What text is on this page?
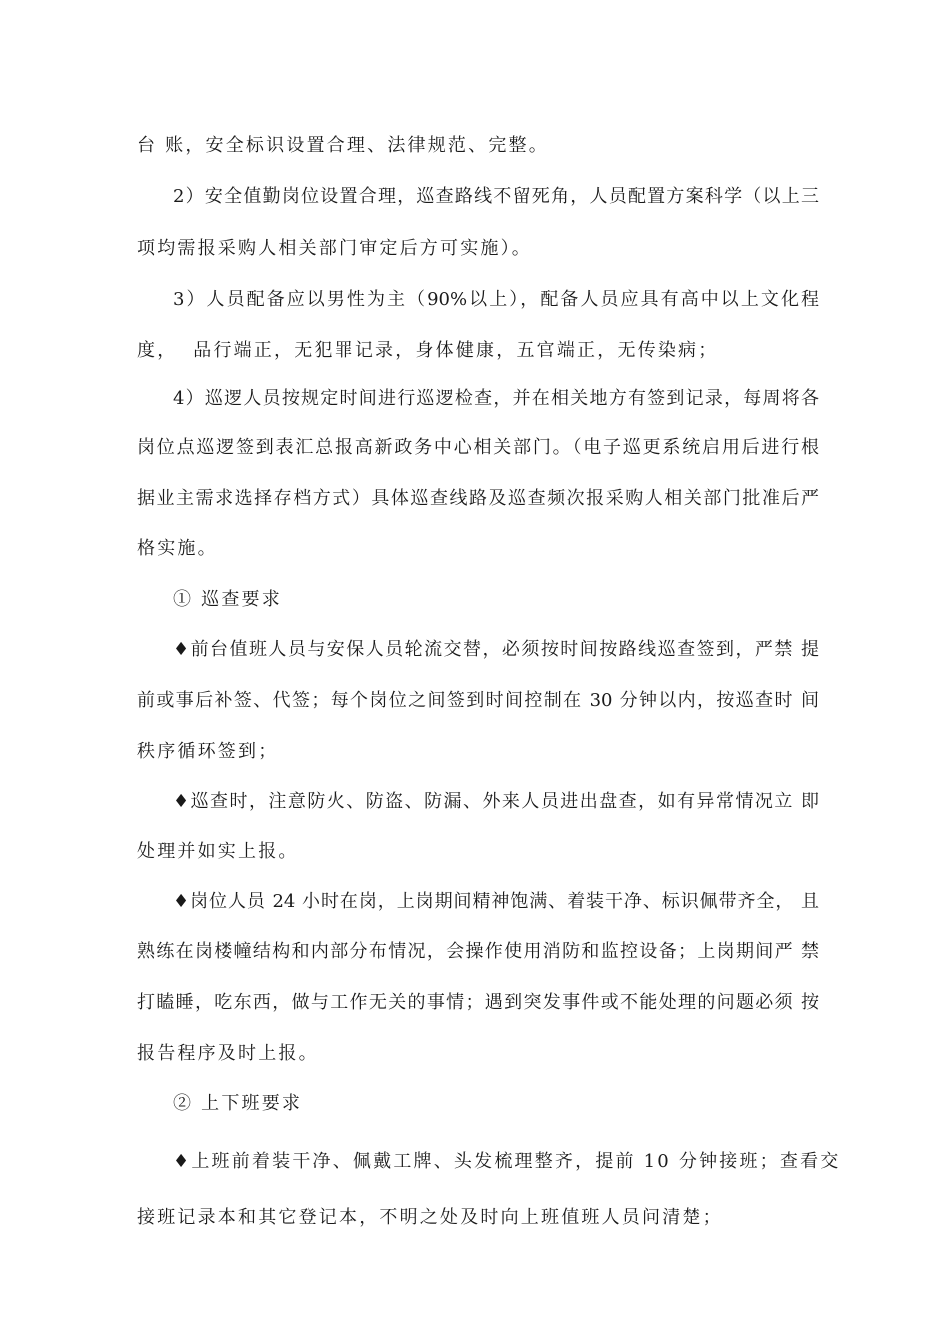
台 账，安全标识设置合理、法律规范、完整。
2）安全值勤岗位设置合理，巡查路线不留死角，人员配置方案科学（以上三
项均需报采购人相关部门审定后方可实施）。
3）人员配备应以男性为主（90%以上），配备人员应具有高中以上文化程
度，  品行端正，无犯罪记录，身体健康，五官端正，无传染病；
4）巡逻人员按规定时间进行巡逻检查，并在相关地方有签到记录，每周将各
岗位点巡逻签到表汇总报高新政务中心相关部门。（电子巡更系统启用后进行根
据业主需求选择存档方式）具体巡查线路及巡查频次报采购人相关部门批准后严
格实施。
① 巡查要求
♦前台值班人员与安保人员轮流交替，必须按时间按路线巡查签到，严禁 提
前或事后补签、代签；每个岗位之间签到时间控制在 30 分钟以内，按巡查时 间
秩序循环签到；
♦巡查时，注意防火、防盗、防漏、外来人员进出盘查，如有异常情况立 即
处理并如实上报。
♦岗位人员 24 小时在岗，上岗期间精神饱满、着装干净、标识佩带齐全， 且
熟练在岗楼幢结构和内部分布情况，会操作使用消防和监控设备；上岗期间严 禁
打瞌睡，吃东西，做与工作无关的事情；遇到突发事件或不能处理的问题必须 按
报告程序及时上报。
② 上下班要求
♦上班前着装干净、佩戴工牌、头发梳理整齐，提前 10 分钟接班；查看交
接班记录本和其它登记本，不明之处及时向上班值班人员问清楚；
